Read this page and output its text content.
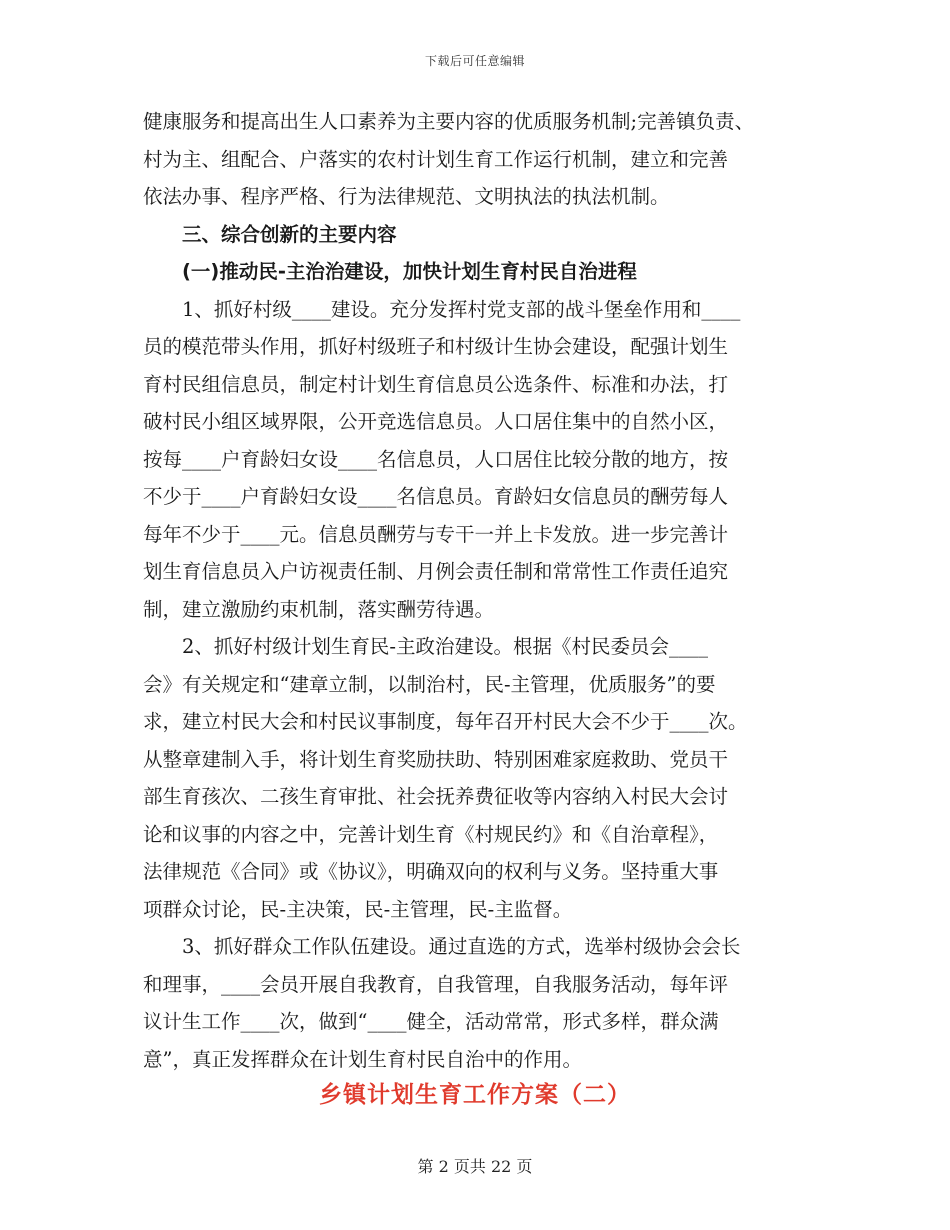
下载后可任意编辑
健康服务和提高出生人口素养为主要内容的优质服务机制;完善镇负责、
村为主、组配合、户落实的农村计划生育工作运行机制，建立和完善
依法办事、程序严格、行为法律规范、文明执法的执法机制。
三、综合创新的主要内容
(一)推动民-主治治建设，加快计划生育村民自治进程
1、抓好村级____建设。充分发挥村党支部的战斗堡垒作用和____
员的模范带头作用，抓好村级班子和村级计生协会建设，配强计划生
育村民组信息员，制定村计划生育信息员公选条件、标准和办法，打
破村民小组区域界限，公开竞选信息员。人口居住集中的自然小区，
按每____户育龄妇女设____名信息员，人口居住比较分散的地方，按
不少于____户育龄妇女设____名信息员。育龄妇女信息员的酬劳每人
每年不少于____元。信息员酬劳与专干一并上卡发放。进一步完善计
划生育信息员入户访视责任制、月例会责任制和常常性工作责任追究
制，建立激励约束机制，落实酬劳待遇。
2、抓好村级计划生育民-主政治建设。根据《村民委员会____
会》有关规定和“建章立制，以制治村，民-主管理，优质服务”的要
求，建立村民大会和村民议事制度，每年召开村民大会不少于____次。
从整章建制入手，将计划生育奖励扶助、特别困难家庭救助、党员干
部生育孩次、二孩生育审批、社会抚养费征收等内容纳入村民大会讨
论和议事的内容之中，完善计划生育《村规民约》和《自治章程》，
法律规范《合同》或《协议》，明确双向的权利与义务。坚持重大事
项群众讨论，民-主决策，民-主管理，民-主监督。
3、抓好群众工作队伍建设。通过直选的方式，选举村级协会会长
和理事，____会员开展自我教育，自我管理，自我服务活动，每年评
议计生工作____次，做到“____健全，活动常常，形式多样，群众满
意”，真正发挥群众在计划生育村民自治中的作用。
乡镇计划生育工作方案（二）
第 2 页共 22 页
